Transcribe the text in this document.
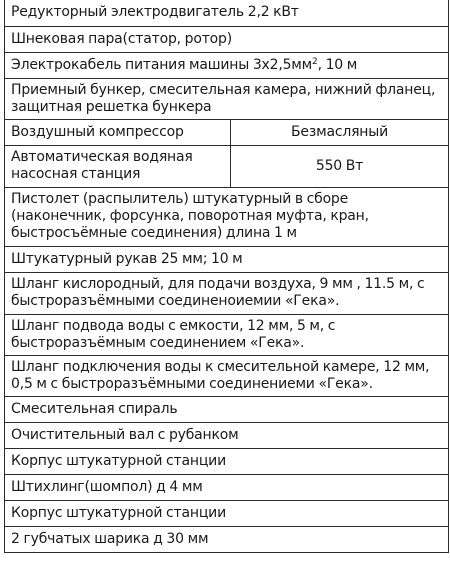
Редукторный электродвигатель 2,2 кВт	
Шнековая пара(статор, ротор)	
Электрокабель питания машины $3х2,5мм^2$, 10 м	
Приемный бункер, смесительная камера, нижний фланец, защитная решетка бункера	
Воздушный компрессор	Безмасляный
Автоматическая водяная насосная станция	550 Вт
Пистолет (распылитель) штукатурный в сборе (наконечник, форсунка, поворотная муфта, кран, быстросъёмные соединения) длина 1 м	
Штукатурный рукав 25 мм; 10 м	
Шланг кислородный, для подачи воздуха, 9 мм , 11.5 м, с быстроразъёмными соединеноиемии «Гека».	
Шланг подвода воды с емкости, 12 мм, 5 м, с быстроразъёмным соединением «Гека».	
Шланг подключения воды к смесительной камере, 12 мм, 0,5 м с быстроразъёмными соединениеми «Гека».	
Смесительная спираль	
Очистительный вал с рубанком	
Корпус штукатурной станции	
Штихлинг(шомпол) д 4 мм	
Корпус штукатурной станции	
2 губчатых шарика д 30 мм	
